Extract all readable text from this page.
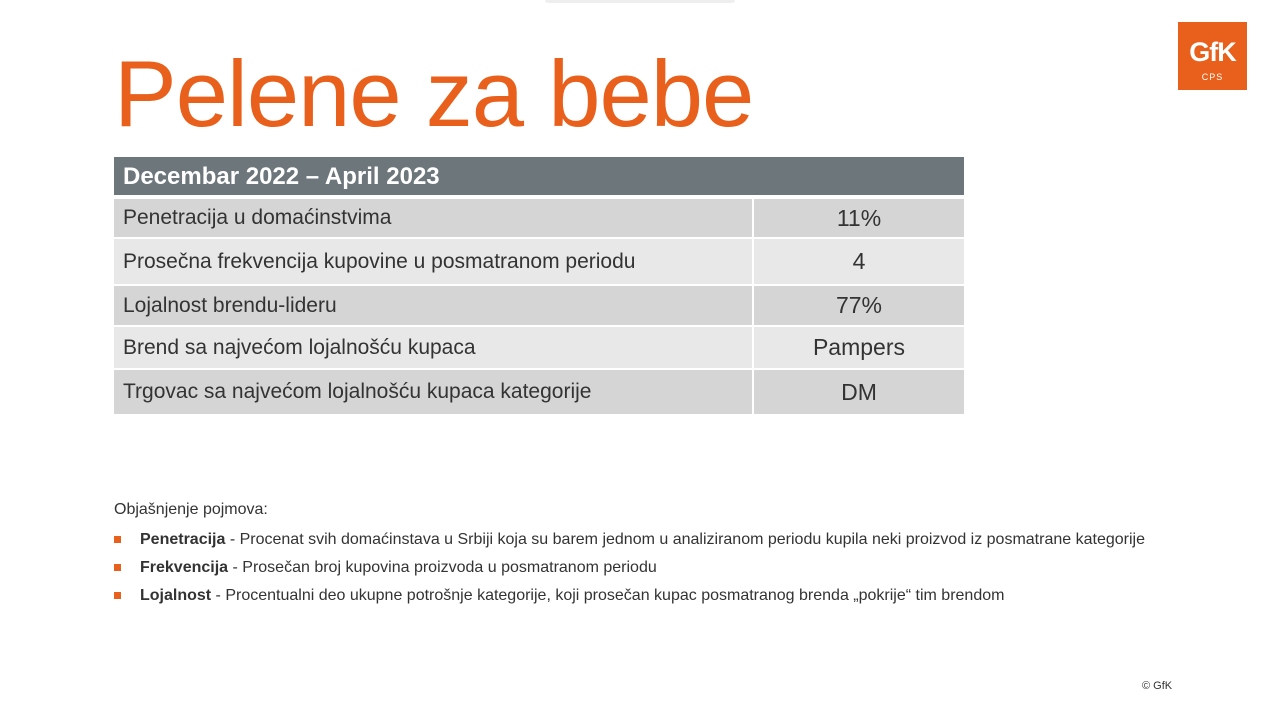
Pelene za bebe	GfK
CPS
Decembar 2022 – April 2023
Penetracija u domaćinstvima	11%
Prosečna frekvencija kupovine u posmatranom periodu	4
Lojalnost brendu-lideru	77%
Brend sa najvećom lojalnošću kupaca	Pampers
Trgovac sa najvećom lojalnošću kupaca kategorije	DM
Objašnjenje pojmova:
Penetracija - Procenat svih domaćinstava u Srbiji koja su barem jednom u analiziranom periodu kupila neki proizvod iz posmatrane kategorije
Frekvencija - Prosečan broj kupovina proizvoda u posmatranom periodu
Lojalnost - Procentualni deo ukupne potrošnje kategorije, koji prosečan kupac posmatranog brenda „pokrije“ tim brendom
© GfK
